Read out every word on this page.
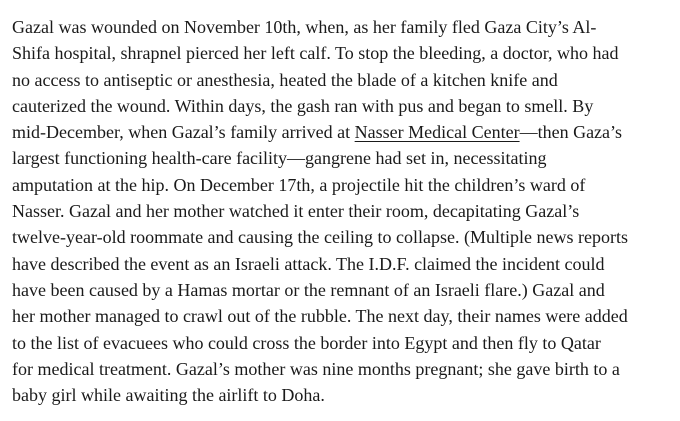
Gazal was wounded on November 10th, when, as her family fled Gaza City’s Al-
Shifa hospital, shrapnel pierced her left calf. To stop the bleeding, a doctor, who had
no access to antiseptic or anesthesia, heated the blade of a kitchen knife and
cauterized the wound. Within days, the gash ran with pus and began to smell. By
mid-December, when Gazal’s family arrived at Nasser Medical Center—then Gaza’s
largest functioning health-care facility—gangrene had set in, necessitating
amputation at the hip. On December 17th, a projectile hit the children’s ward of
Nasser. Gazal and her mother watched it enter their room, decapitating Gazal’s
twelve-year-old roommate and causing the ceiling to collapse. (Multiple news reports
have described the event as an Israeli attack. The I.D.F. claimed the incident could
have been caused by a Hamas mortar or the remnant of an Israeli flare.) Gazal and
her mother managed to crawl out of the rubble. The next day, their names were added
to the list of evacuees who could cross the border into Egypt and then fly to Qatar
for medical treatment. Gazal’s mother was nine months pregnant; she gave birth to a
baby girl while awaiting the airlift to Doha.
